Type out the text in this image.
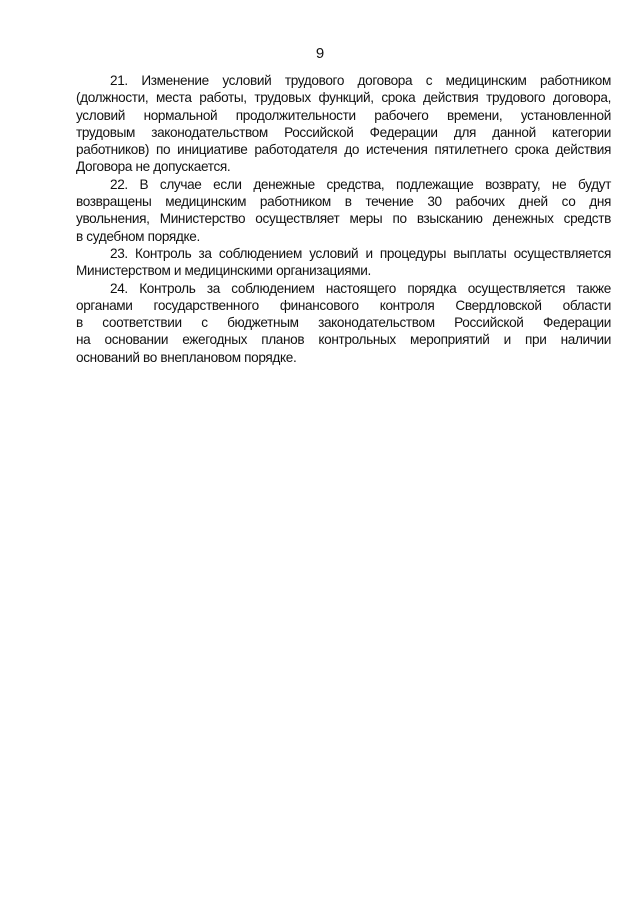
9
21. Изменение условий трудового договора с медицинским работником
(должности, места работы, трудовых функций, срока действия трудового договора,
условий нормальной продолжительности рабочего времени, установленной
трудовым законодательством Российской Федерации для данной категории
работников) по инициативе работодателя до истечения пятилетнего срока действия
Договора не допускается.
22. В случае если денежные средства, подлежащие возврату, не будут
возвращены медицинским работником в течение 30 рабочих дней со дня
увольнения, Министерство осуществляет меры по взысканию денежных средств
в судебном порядке.
23. Контроль за соблюдением условий и процедуры выплаты осуществляется
Министерством и медицинскими организациями.
24. Контроль за соблюдением настоящего порядка осуществляется также
органами государственного финансового контроля Свердловской области
в соответствии с бюджетным законодательством Российской Федерации
на основании ежегодных планов контрольных мероприятий и при наличии
оснований во внеплановом порядке.
